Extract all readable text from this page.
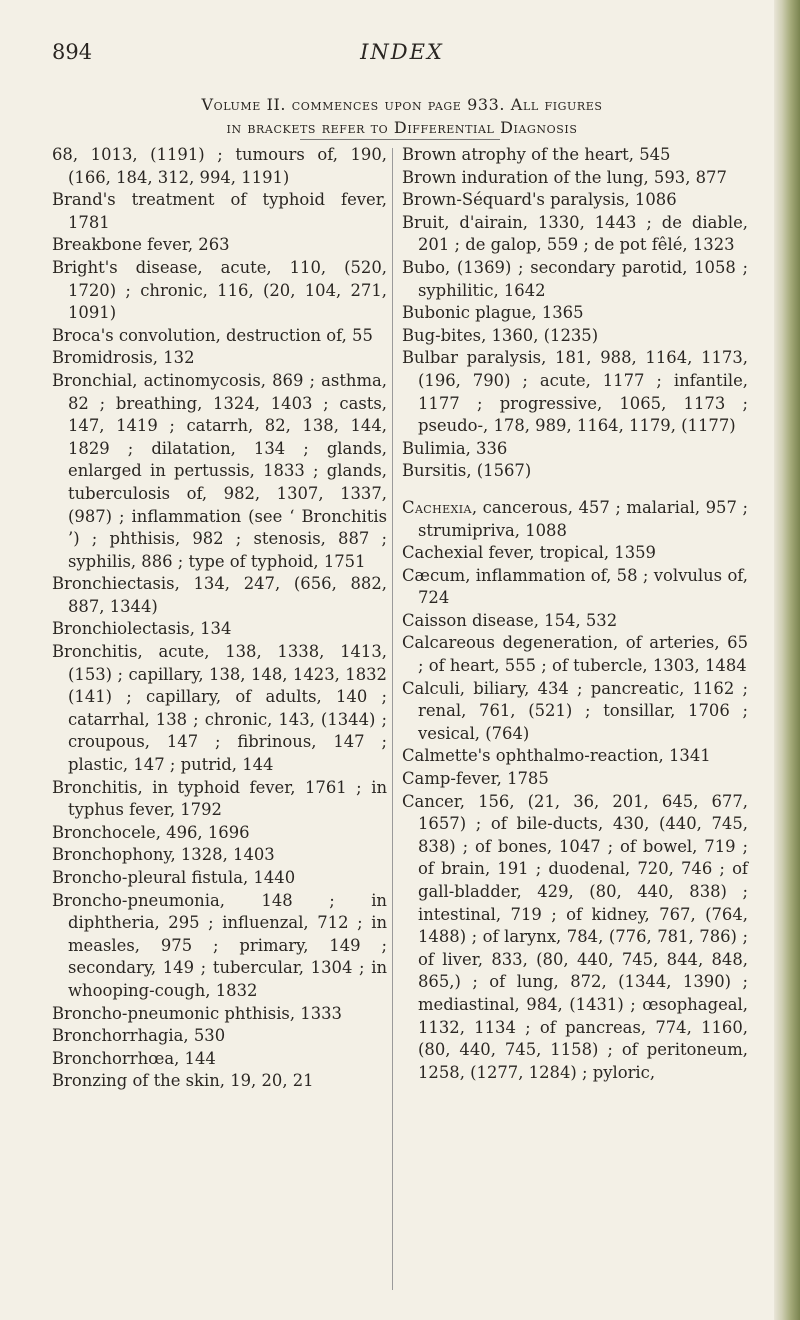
894	INDEX
Volume II. commences upon page 933. All figures
in brackets refer to Differential Diagnosis
68, 1013, (1191) ; tumours of, 190, (166, 184, 312, 994, 1191)
Brand's treatment of typhoid fever, 1781
Breakbone fever, 263
Bright's disease, acute, 110, (520, 1720) ; chronic, 116, (20, 104, 271, 1091)
Broca's convolution, destruction of, 55
Bromidrosis, 132
Bronchial, actinomycosis, 869 ; asthma, 82 ; breathing, 1324, 1403 ; casts, 147, 1419 ; catarrh, 82, 138, 144, 1829 ; dilatation, 134 ; glands, enlarged in pertussis, 1833 ; glands, tuberculosis of, 982, 1307, 1337, (987) ; inflammation (see ‘ Bronchitis ’) ; phthisis, 982 ; stenosis, 887 ; syphilis, 886 ; type of typhoid, 1751
Bronchiectasis, 134, 247, (656, 882, 887, 1344)
Bronchiolectasis, 134
Bronchitis, acute, 138, 1338, 1413, (153) ; capillary, 138, 148, 1423, 1832 (141) ; capillary, of adults, 140 ; catarrhal, 138 ; chronic, 143, (1344) ; croupous, 147 ; fibrinous, 147 ; plastic, 147 ; putrid, 144
Bronchitis, in typhoid fever, 1761 ; in typhus fever, 1792
Bronchocele, 496, 1696
Bronchophony, 1328, 1403
Broncho-pleural fistula, 1440
Broncho-pneumonia, 148 ; in diphtheria, 295 ; influenzal, 712 ; in measles, 975 ; primary, 149 ; secondary, 149 ; tubercular, 1304 ; in whooping-cough, 1832
Broncho-pneumonic phthisis, 1333
Bronchorrhagia, 530
Bronchorrhœa, 144
Bronzing of the skin, 19, 20, 21
Brown atrophy of the heart, 545
Brown induration of the lung, 593, 877
Brown-Séquard's paralysis, 1086
Bruit, d'airain, 1330, 1443 ; de diable, 201 ; de galop, 559 ; de pot fêlé, 1323
Bubo, (1369) ; secondary parotid, 1058 ; syphilitic, 1642
Bubonic plague, 1365
Bug-bites, 1360, (1235)
Bulbar paralysis, 181, 988, 1164, 1173, (196, 790) ; acute, 1177 ; infantile, 1177 ; progressive, 1065, 1173 ; pseudo-, 178, 989, 1164, 1179, (1177)
Bulimia, 336
Bursitis, (1567)
Cachexia, cancerous, 457 ; malarial, 957 ; strumipriva, 1088
Cachexial fever, tropical, 1359
Cæcum, inflammation of, 58 ; volvulus of, 724
Caisson disease, 154, 532
Calcareous degeneration, of arteries, 65 ; of heart, 555 ; of tubercle, 1303, 1484
Calculi, biliary, 434 ; pancreatic, 1162 ; renal, 761, (521) ; tonsillar, 1706 ; vesical, (764)
Calmette's ophthalmo-reaction, 1341
Camp-fever, 1785
Cancer, 156, (21, 36, 201, 645, 677, 1657) ; of bile-ducts, 430, (440, 745, 838) ; of bones, 1047 ; of bowel, 719 ; of brain, 191 ; duodenal, 720, 746 ; of gall-bladder, 429, (80, 440, 838) ; intestinal, 719 ; of kidney, 767, (764, 1488) ; of larynx, 784, (776, 781, 786) ; of liver, 833, (80, 440, 745, 844, 848, 865,) ; of lung, 872, (1344, 1390) ; mediastinal, 984, (1431) ; œsophageal, 1132, 1134 ; of pancreas, 774, 1160, (80, 440, 745, 1158) ; of peritoneum, 1258, (1277, 1284) ; pyloric,
